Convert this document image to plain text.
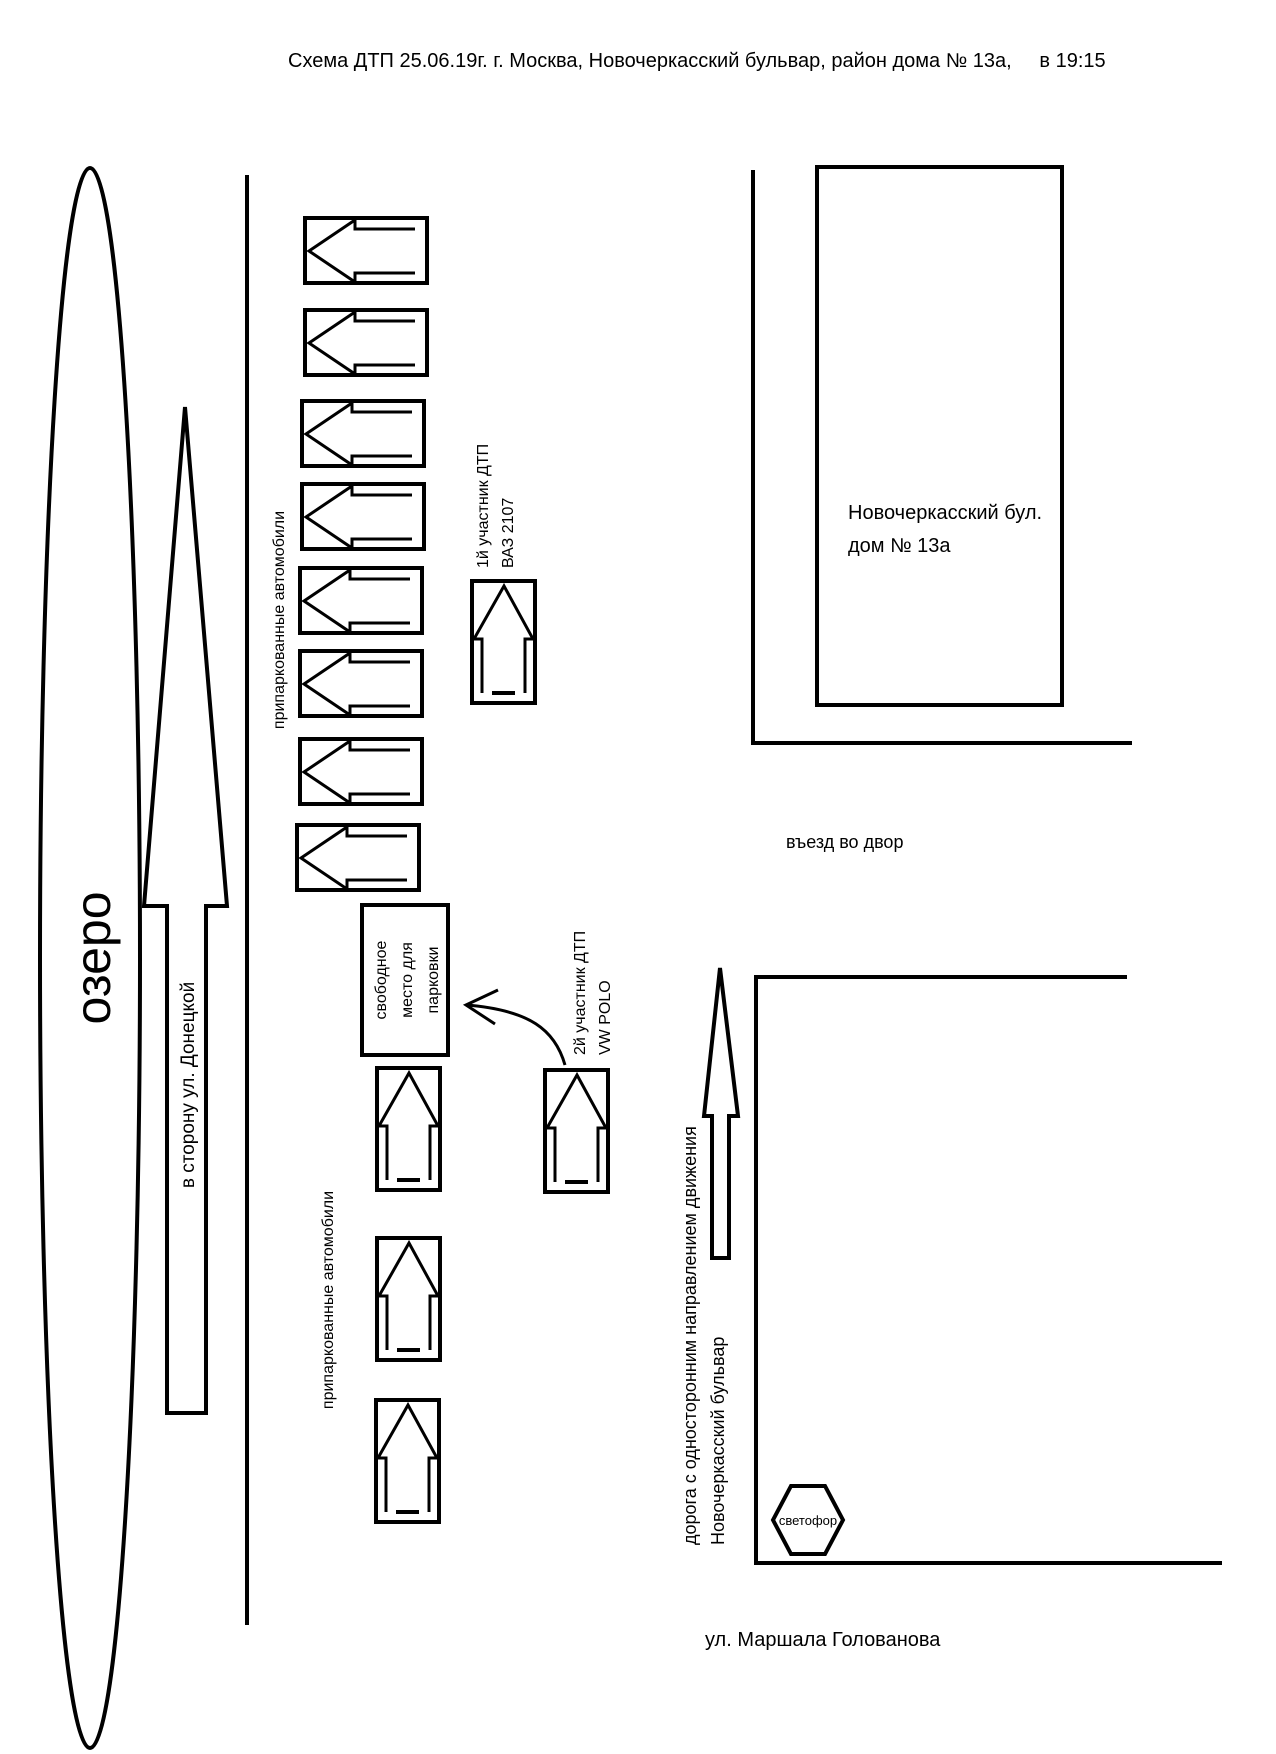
Схема ДТП 25.06.19г. г. Москва, Новочеркасский бульвар, район дома № 13а,     в 19:15
озеро
в сторону ул. Донецкой
припаркованные автомобили
свободное место для парковки
припаркованные автомобили
1й участник ДТП ВАЗ 2107
2й участник ДТП VW POLO
Новочеркасский бул.
дом № 13а
въезд во двор
дорога с односторонним направлением движения Новочеркасский бульвар	светофор
ул. Маршала Голованова
